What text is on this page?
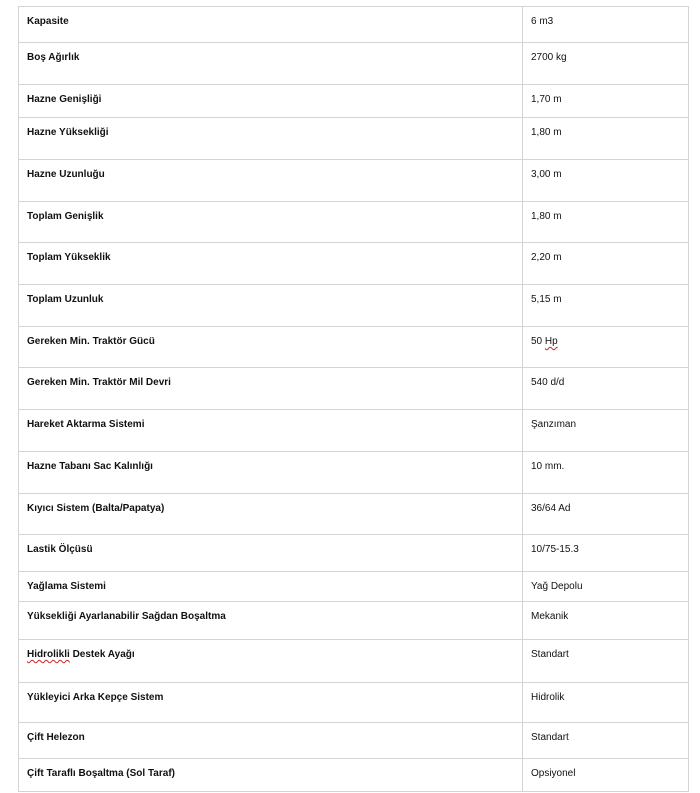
Kapasite	6 m3
Boş Ağırlık	2700 kg
Hazne Genişliği	1,70 m
Hazne Yüksekliği	1,80 m
Hazne Uzunluğu	3,00 m
Toplam Genişlik	1,80 m
Toplam Yükseklik	2,20 m
Toplam Uzunluk	5,15 m
Gereken Min. Traktör Gücü	50 Hp
Gereken Min. Traktör Mil Devri	540 d/d
Hareket Aktarma Sistemi	Şanzıman
Hazne Tabanı Sac Kalınlığı	10 mm.
Kıyıcı Sistem (Balta/Papatya)	36/64 Ad
Lastik Ölçüsü	10/75-15.3
Yağlama Sistemi	Yağ Depolu
Yüksekliği Ayarlanabilir Sağdan Boşaltma	Mekanik
Hidrolikli Destek Ayağı	Standart
Yükleyici Arka Kepçe Sistem	Hidrolik
Çift Helezon	Standart
Çift Taraflı Boşaltma (Sol Taraf)	Opsiyonel
